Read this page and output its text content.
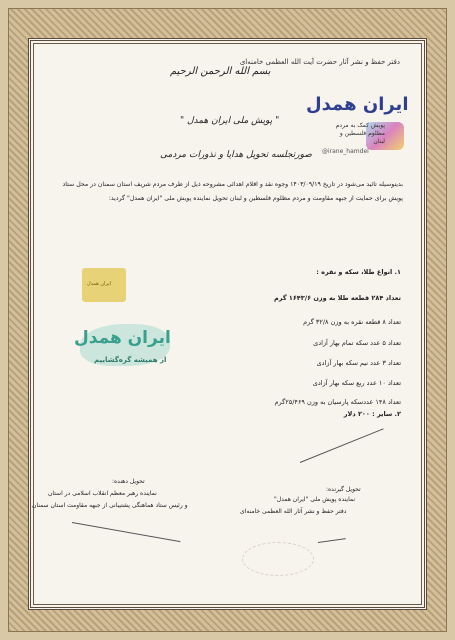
دفتر حفظ و نشر آثار حضرت آیت الله العظمی خامنه‌ای
بسم الله الرحمن الرحیم
" پویش ملی ایران همدل "
صورتجلسه تحویل هدایا و نذورات مردمی
ایران همدل
پویش کمک به مردم مظلوم فلسطین و لبنان
@irane_hamdel
بدینوسیله تائید می‌شود در تاریخ ۱۴۰۳/۰۹/۱۹ وجوه نقد و اقلام اهدائی مشروحه ذیل از طرف مردم شریف استان سمنان در محل ستاد پویش برای حمایت از جبهه مقاومت و مردم مظلوم فلسطین و لبنان تحویل نماینده پویش ملی "ایران همدل" گردید:
۱. انواع طلا، سکه و نقره :
تعداد ۲۸۴ قطعه طلا به وزن ۱۶۴۳/۶ گرم
تعداد ۸ قطعه نقره به وزن ۳۲/۸ گرم
تعداد ۵ عدد سکه تمام بهار آزادی
تعداد ۳ عدد نیم سکه بهار آزادی
تعداد ۱۰ عدد ربع سکه بهار آزادی
تعداد ۱۴۸ عددسکه پارسیان به وزن ۲۵/۴۶۹گرم
۲. سایر : ۲۰۰ دلار
ایران همدل
ایران همدل
از همیشه گره‌گشاییم
تحویل گیرنده:
نماینده پویش ملی "ایران همدل"
دفتر حفظ و نشر آثار الله العظمی خامنه‌ای
تحویل دهنده:
نماینده رهبر معظم انقلاب اسلامی در استان
و رئیس ستاد هماهنگی پشتیبانی از جبهه مقاومت استان سمنان
